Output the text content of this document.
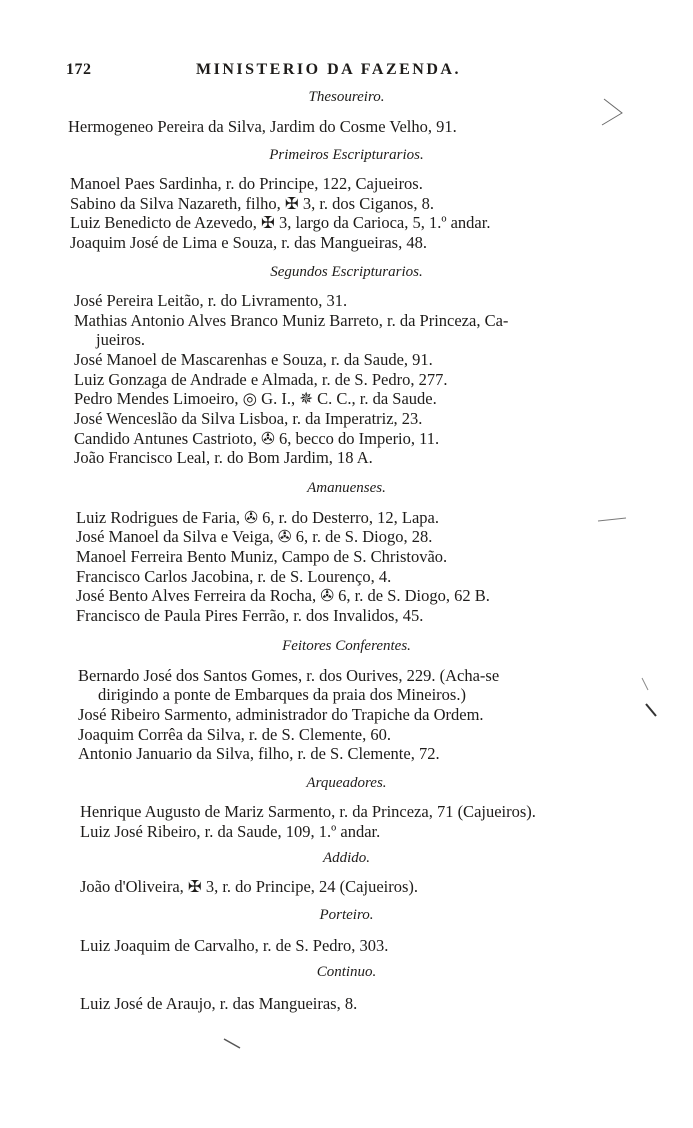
172	MINISTERIO DA FAZENDA.
Thesoureiro.
Hermogeneo Pereira da Silva, Jardim do Cosme Velho, 91.
Primeiros Escripturarios.
Manoel Paes Sardinha, r. do Principe, 122, Cajueiros.
Sabino da Silva Nazareth, filho, ✠ 3, r. dos Ciganos, 8.
Luiz Benedicto de Azevedo, ✠ 3, largo da Carioca, 5, 1.º andar.
Joaquim José de Lima e Souza, r. das Mangueiras, 48.
Segundos Escripturarios.
José Pereira Leitão, r. do Livramento, 31.
Mathias Antonio Alves Branco Muniz Barreto, r. da Princeza, Ca-
jueiros.
José Manoel de Mascarenhas e Souza, r. da Saude, 91.
Luiz Gonzaga de Andrade e Almada, r. de S. Pedro, 277.
Pedro Mendes Limoeiro, ◎ G. I., ✵ C. C., r. da Saude.
José Wenceslão da Silva Lisboa, r. da Imperatriz, 23.
Candido Antunes Castrioto, ✇ 6, becco do Imperio, 11.
João Francisco Leal, r. do Bom Jardim, 18 A.
Amanuenses.
Luiz Rodrigues de Faria, ✇ 6, r. do Desterro, 12, Lapa.
José Manoel da Silva e Veiga, ✇ 6, r. de S. Diogo, 28.
Manoel Ferreira Bento Muniz, Campo de S. Christovão.
Francisco Carlos Jacobina, r. de S. Lourenço, 4.
José Bento Alves Ferreira da Rocha, ✇ 6, r. de S. Diogo, 62 B.
Francisco de Paula Pires Ferrão, r. dos Invalidos, 45.
Feitores Conferentes.
Bernardo José dos Santos Gomes, r. dos Ourives, 229. (Acha-se
dirigindo a ponte de Embarques da praia dos Mineiros.)
José Ribeiro Sarmento, administrador do Trapiche da Ordem.
Joaquim Corrêa da Silva, r. de S. Clemente, 60.
Antonio Januario da Silva, filho, r. de S. Clemente, 72.
Arqueadores.
Henrique Augusto de Mariz Sarmento, r. da Princeza, 71 (Cajueiros).
Luiz José Ribeiro, r. da Saude, 109, 1.º andar.
Addido.
João d'Oliveira, ✠ 3, r. do Principe, 24 (Cajueiros).
Porteiro.
Luiz Joaquim de Carvalho, r. de S. Pedro, 303.
Continuo.
Luiz José de Araujo, r. das Mangueiras, 8.
